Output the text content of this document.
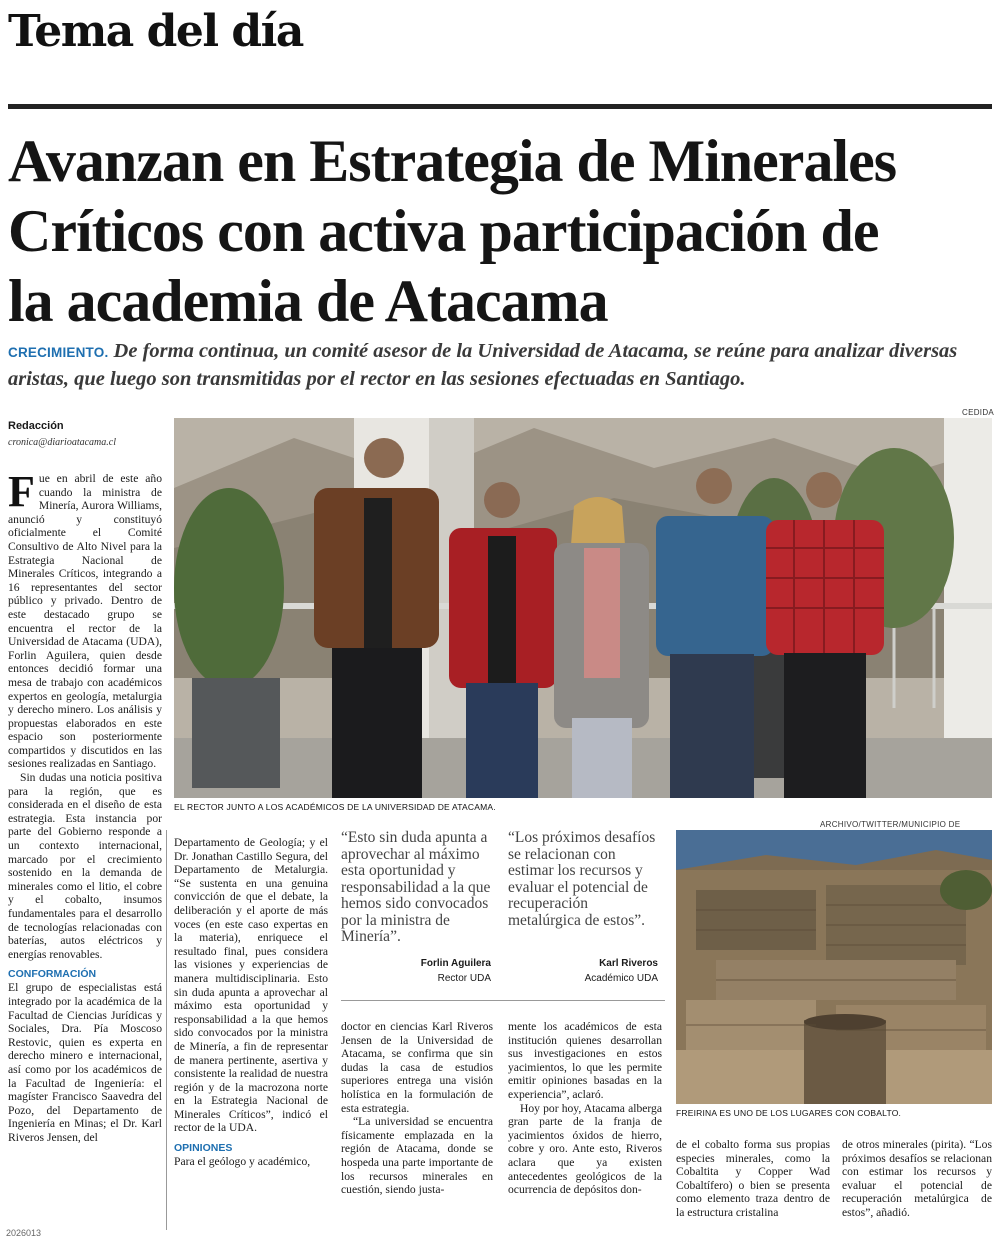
Tema del día
Avanzan en Estrategia de Minerales
Críticos con activa participación de
la academia de Atacama
CRECIMIENTO. De forma continua, un comité asesor de la Universidad de Atacama, se reúne para analizar diversas aristas, que luego son transmitidas por el rector en las sesiones efectuadas en Santiago.
Redacción
cronica@diarioatacama.cl
CEDIDA
EL RECTOR JUNTO A LOS ACADÉMICOS DE LA UNIVERSIDAD DE ATACAMA.

Fue en abril de este año cuando la ministra de Minería, Aurora Williams, anunció y constituyó oficialmente el Comité Consultivo de Alto Nivel para la Estrategia Nacional de Minerales Críticos, integrando a 16 representantes del sector público y privado. Dentro de este destacado grupo se encuentra el rector de la Universidad de Atacama (UDA), Forlin Aguilera, quien desde entonces decidió formar una mesa de trabajo con académicos expertos en geología, metalurgia y derecho minero. Los análisis y propuestas elaborados en este espacio son posteriormente compartidos y discutidos en las sesiones realizadas en Santiago.

Sin dudas una noticia positiva para la región, que es considerada en el diseño de esta estrategia. Esta instancia por parte del Gobierno responde a un contexto internacional, marcado por el crecimiento sostenido en la demanda de minerales como el litio, el cobre y el cobalto, insumos fundamentales para el desarrollo de tecnologías relacionadas con baterías, autos eléctricos y energías renovables.

CONFORMACIÓN

El grupo de especialistas está integrado por la académica de la Facultad de Ciencias Jurídicas y Sociales, Dra. Pía Moscoso Restovic, quien es experta en derecho minero e internacional, así como por los académicos de la Facultad de Ingeniería: el magíster Francisco Saavedra del Pozo, del Departamento de Ingeniería en Minas; el Dr. Karl Riveros Jensen, del

Departamento de Geología; y el Dr. Jonathan Castillo Segura, del Departamento de Metalurgia. “Se sustenta en una genuina convicción de que el debate, la deliberación y el aporte de más voces (en este caso expertas en la materia), enriquece el resultado final, pues considera las visiones y experiencias de manera multidisciplinaria. Esto sin duda apunta a aprovechar al máximo esta oportunidad y responsabilidad a la que hemos sido convocados por la ministra de Minería, a fin de representar de manera pertinente, asertiva y consistente la realidad de nuestra región y de la macrozona norte en la Estrategia Nacional de Minerales Críticos”, indicó el rector de la UDA.

OPINIONES

Para el geólogo y académico,

“Esto sin duda apunta a aprovechar al máximo esta oportunidad y responsabilidad a la que hemos sido convocados por la ministra de Minería”.
Forlin Aguilera
Rector UDA
“Los próximos desafíos se relacionan con estimar los recursos y evaluar el potencial de recuperación metalúrgica de estos”.
Karl Riveros
Académico UDA

doctor en ciencias Karl Riveros Jensen de la Universidad de Atacama, se confirma que sin dudas la casa de estudios superiores entrega una visión holística en la formulación de esta estrategia.

“La universidad se encuentra físicamente emplazada en la región de Atacama, donde se hospeda una parte importante de los recursos minerales en cuestión, siendo justa-

mente los académicos de esta institución quienes desarrollan sus investigaciones en estos yacimientos, lo que les permite emitir opiniones basadas en la experiencia”, aclaró.

Hoy por hoy, Atacama alberga gran parte de la franja de yacimientos óxidos de hierro, cobre y oro. Ante esto, Riveros aclara que ya existen antecedentes geológicos de la ocurrencia de depósitos don-

ARCHIVO/TWITTER/MUNICIPIO DE
FREIRINA ES UNO DE LOS LUGARES CON COBALTO.

de el cobalto forma sus propias especies minerales, como la Cobaltita y Copper Wad Cobaltífero) o bien se presenta como elemento traza dentro de la estructura cristalina

de otros minerales (pirita). “Los próximos desafíos se relacionan con estimar los recursos y evaluar el potencial de recuperación metalúrgica de estos”, añadió.

2026013
